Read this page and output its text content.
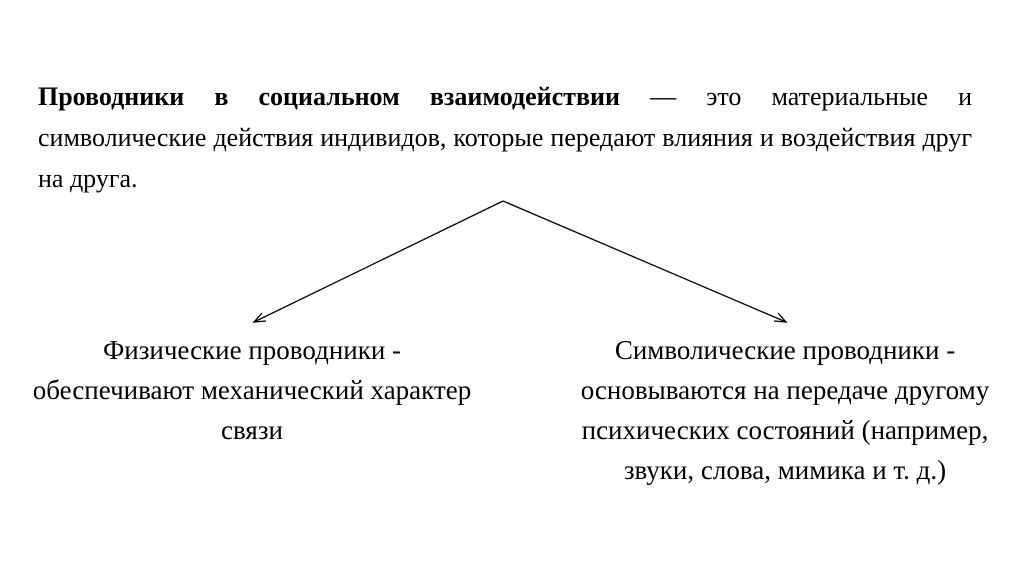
Проводники в социальном взаимодействии — это материальные и символические действия индивидов, которые передают влияния и воздействия друг на друга.
Физические проводники - обеспечивают механический характер связи
Символические проводники - основываются на передаче другому психических состояний (например, звуки, слова, мимика и т. д.)
